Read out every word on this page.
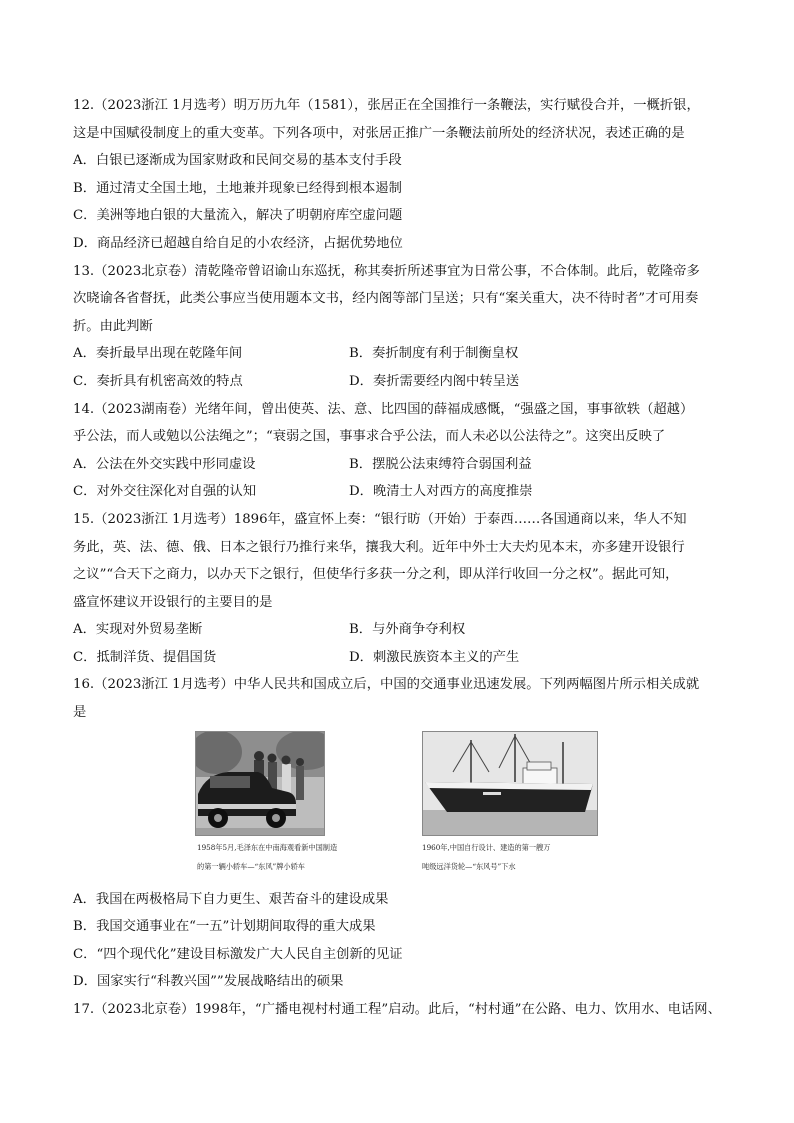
12.（2023浙江 1月选考）明万历九年（1581），张居正在全国推行一条鞭法，实行赋役合并，一概折银，
这是中国赋役制度上的重大变革。下列各项中，对张居正推广一条鞭法前所处的经济状况，表述正确的是
A．白银已逐渐成为国家财政和民间交易的基本支付手段
B．通过清丈全国土地，土地兼并现象已经得到根本遏制
C．美洲等地白银的大量流入，解决了明朝府库空虚问题
D．商品经济已超越自给自足的小农经济，占据优势地位
13.（2023北京卷）清乾隆帝曾诏谕山东巡抚，称其奏折所述事宜为日常公事，不合体制。此后，乾隆帝多
次晓谕各省督抚，此类公事应当使用题本文书，经内阁等部门呈送；只有“案关重大，决不待时者”才可用奏
折。由此判断
A．奏折最早出现在乾隆年间	B．奏折制度有利于制衡皇权
C．奏折具有机密高效的特点	D．奏折需要经内阁中转呈送
14.（2023湖南卷）光绪年间，曾出使英、法、意、比四国的薛福成感慨，“强盛之国，事事欲轶（超越）
乎公法，而人或勉以公法绳之”；“衰弱之国，事事求合乎公法，而人未必以公法待之”。这突出反映了
A．公法在外交实践中形同虚设	B．摆脱公法束缚符合弱国利益
C．对外交往深化对自强的认知	D．晚清士人对西方的高度推崇
15.（2023浙江 1月选考）1896年，盛宣怀上奏：“银行昉（开始）于泰西……各国通商以来，华人不知
务此，英、法、德、俄、日本之银行乃推行来华，攘我大利。近年中外士大夫灼见本末，亦多建开设银行
之议”“合天下之商力，以办天下之银行，但使华行多获一分之利，即从洋行收回一分之权”。据此可知，
盛宣怀建议开设银行的主要目的是
A．实现对外贸易垄断	B．与外商争夺利权
C．抵制洋货、提倡国货	D．刺激民族资本主义的产生
16.（2023浙江 1月选考）中华人民共和国成立后，中国的交通事业迅速发展。下列两幅图片所示相关成就
是
1958年5月,毛泽东在中南海观看新中国制造
的第一辆小轿车—“东风”牌小轿车
1960年,中国自行设计、建造的第一艘万
吨级远洋货轮—“东风号”下水
A．我国在两极格局下自力更生、艰苦奋斗的建设成果
B．我国交通事业在“一五”计划期间取得的重大成果
C．“四个现代化”建设目标激发广大人民自主创新的见证
D．国家实行“科教兴国””发展战略结出的硕果
17.（2023北京卷）1998年，“广播电视村村通工程”启动。此后，“村村通”在公路、电力、饮用水、电话网、
